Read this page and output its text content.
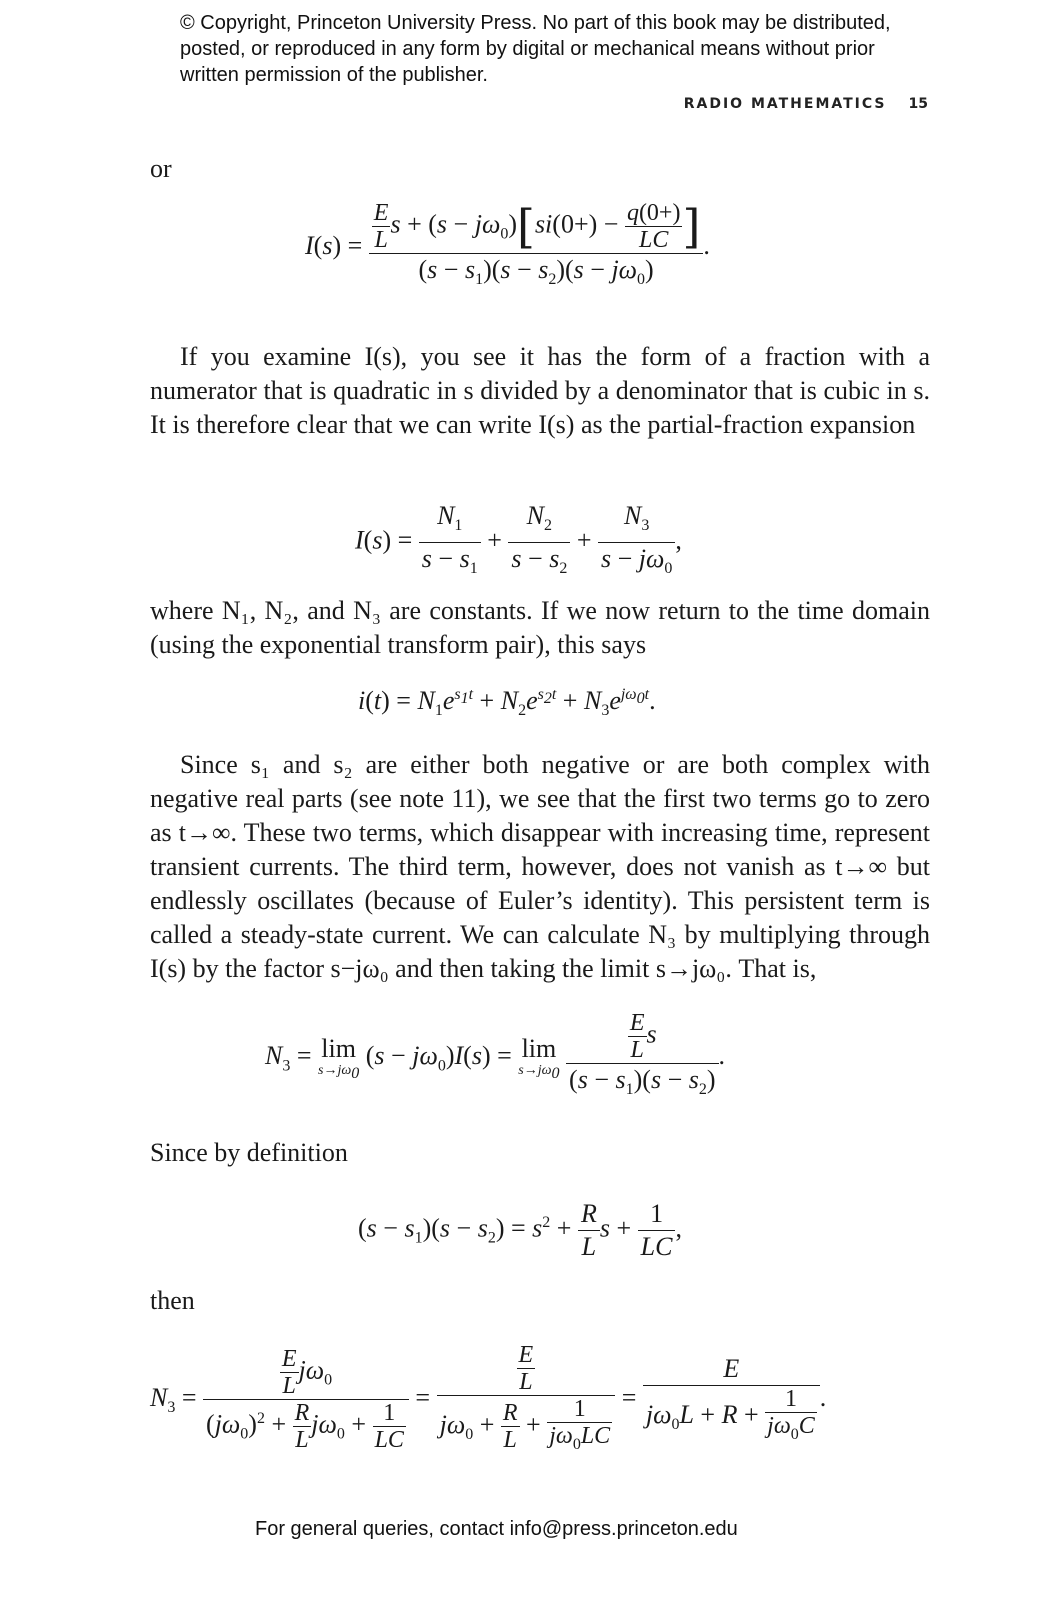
© Copyright, Princeton University Press. No part of this book may be distributed, posted, or reproduced in any form by digital or mechanical means without prior written permission of the publisher.
RADIO MATHEMATICS 15
or
$I(s) = \frac{\frac{E}{L} s + (s - j\omega_0)[si(0+) - \frac{q(0+)}{LC} ]}{(s - s_1)(s - s_2)(s - j\omega_0)}$ .
If you examine I(s), you see it has the form of a fraction with a numerator that is quadratic in s divided by a denominator that is cubic in s. It is therefore clear that we can write I(s) as the partial-fraction expansion
$I(s) = \frac{N_1}{s - s_1} + \frac{N_2}{s - s_2} + \frac{N_3}{s - j\omega_0}$ ,
where N₁, N₂, and N₃ are constants. If we now return to the time domain (using the exponential transform pair), this says
$i(t) = N_1e^{s_1t} + N_2e^{s_2t} + N_3e^{j\omega_0t}$.
Since s₁ and s₂ are either both negative or are both complex with negative real parts (see note 11), we see that the first two terms go to zero as t→∞. These two terms, which disappear with increasing time, represent transient currents. The third term, however, does not vanish as t→∞ but endlessly oscillates (because of Euler’s identity). This persistent term is called a steady-state current. We can calculate N₃ by multiplying through I(s) by the factor s−jω₀ and then taking the limit s→jω₀. That is,
$N_3 = \lim$
$s\to j\omega_0$
$(s - j\omega_0)I(s) = \lim$
$s\to j\omega_0$
$\frac{\frac{E}{L} s}{(s - s_1)(s - s_2)}$ .
Since by definition
$(s - s_1)(s - s_2) = s^2 + \frac{R}{L}$ $s + \frac{1}{LC}$ ,
then
$N_3 = \frac{\frac{E}{L} j\omega_0}{(j\omega_0)^2 + \frac{R}{L} j\omega_0 + \frac{1}{LC}} = \frac{\frac{E}{L}}{j\omega_0 + \frac{R}{L} + \frac{1}{j\omega_0LC}} = \frac{E}{j\omega_0L + R + \frac{1}{j\omega_0C}}$ .
For general queries, contact info@press.princeton.edu
